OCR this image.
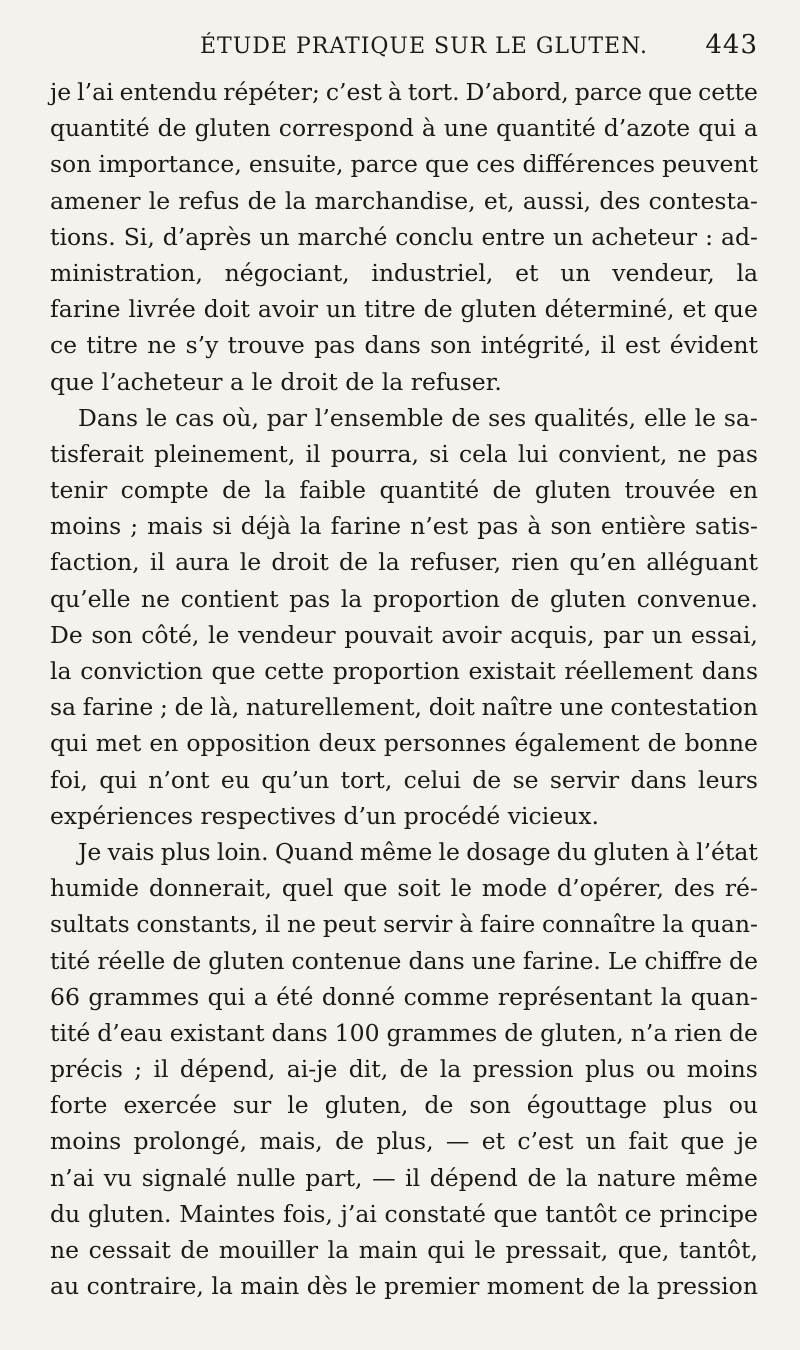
ÉTUDE PRATIQUE SUR LE GLUTEN. 443
je l’ai entendu répéter; c’est à tort. D’abord, parce que cette
quantité de gluten correspond à une quantité d’azote qui a
son importance, ensuite, parce que ces différences peuvent
amener le refus de la marchandise, et, aussi, des contesta-
tions. Si, d’après un marché conclu entre un acheteur : ad-
ministration, négociant, industriel, et un vendeur, la
farine livrée doit avoir un titre de gluten déterminé, et que
ce titre ne s’y trouve pas dans son intégrité, il est évident
que
l’acheteur
a
le
droit
de
la
refuser.
Dans le cas où, par l’ensemble de ses qualités, elle le sa-
tisferait pleinement, il pourra, si cela lui convient, ne pas
tenir compte de la faible quantité de gluten trouvée en
moins ; mais si déjà la farine n’est pas à son entière satis-
faction, il aura le droit de la refuser, rien qu’en alléguant
qu’elle ne contient pas la proportion de gluten convenue.
De son côté, le vendeur pouvait avoir acquis, par un essai,
la conviction que cette proportion existait réellement dans
sa farine ; de là, naturellement, doit naître une contestation
qui met en opposition deux personnes également de bonne
foi, qui n’ont eu qu’un tort, celui de se servir dans leurs
expériences
respectives
d’un
procédé
vicieux.
Je vais plus loin. Quand même le dosage du gluten à l’état
humide donnerait, quel que soit le mode d’opérer, des ré-
sultats constants, il ne peut servir à faire connaître la quan-
tité réelle de gluten contenue dans une farine. Le chiffre de
66 grammes qui a été donné comme représentant la quan-
tité d’eau existant dans 100 grammes de gluten, n’a rien de
précis ; il dépend, ai-je dit, de la pression plus ou moins
forte exercée sur le gluten, de son égouttage plus ou
moins prolongé, mais, de plus, — et c’est un fait que je
n’ai vu signalé nulle part, — il dépend de la nature même
du gluten. Maintes fois, j’ai constaté que tantôt ce principe
ne cessait de mouiller la main qui le pressait, que, tantôt,
au contraire, la main dès le premier moment de la pression
